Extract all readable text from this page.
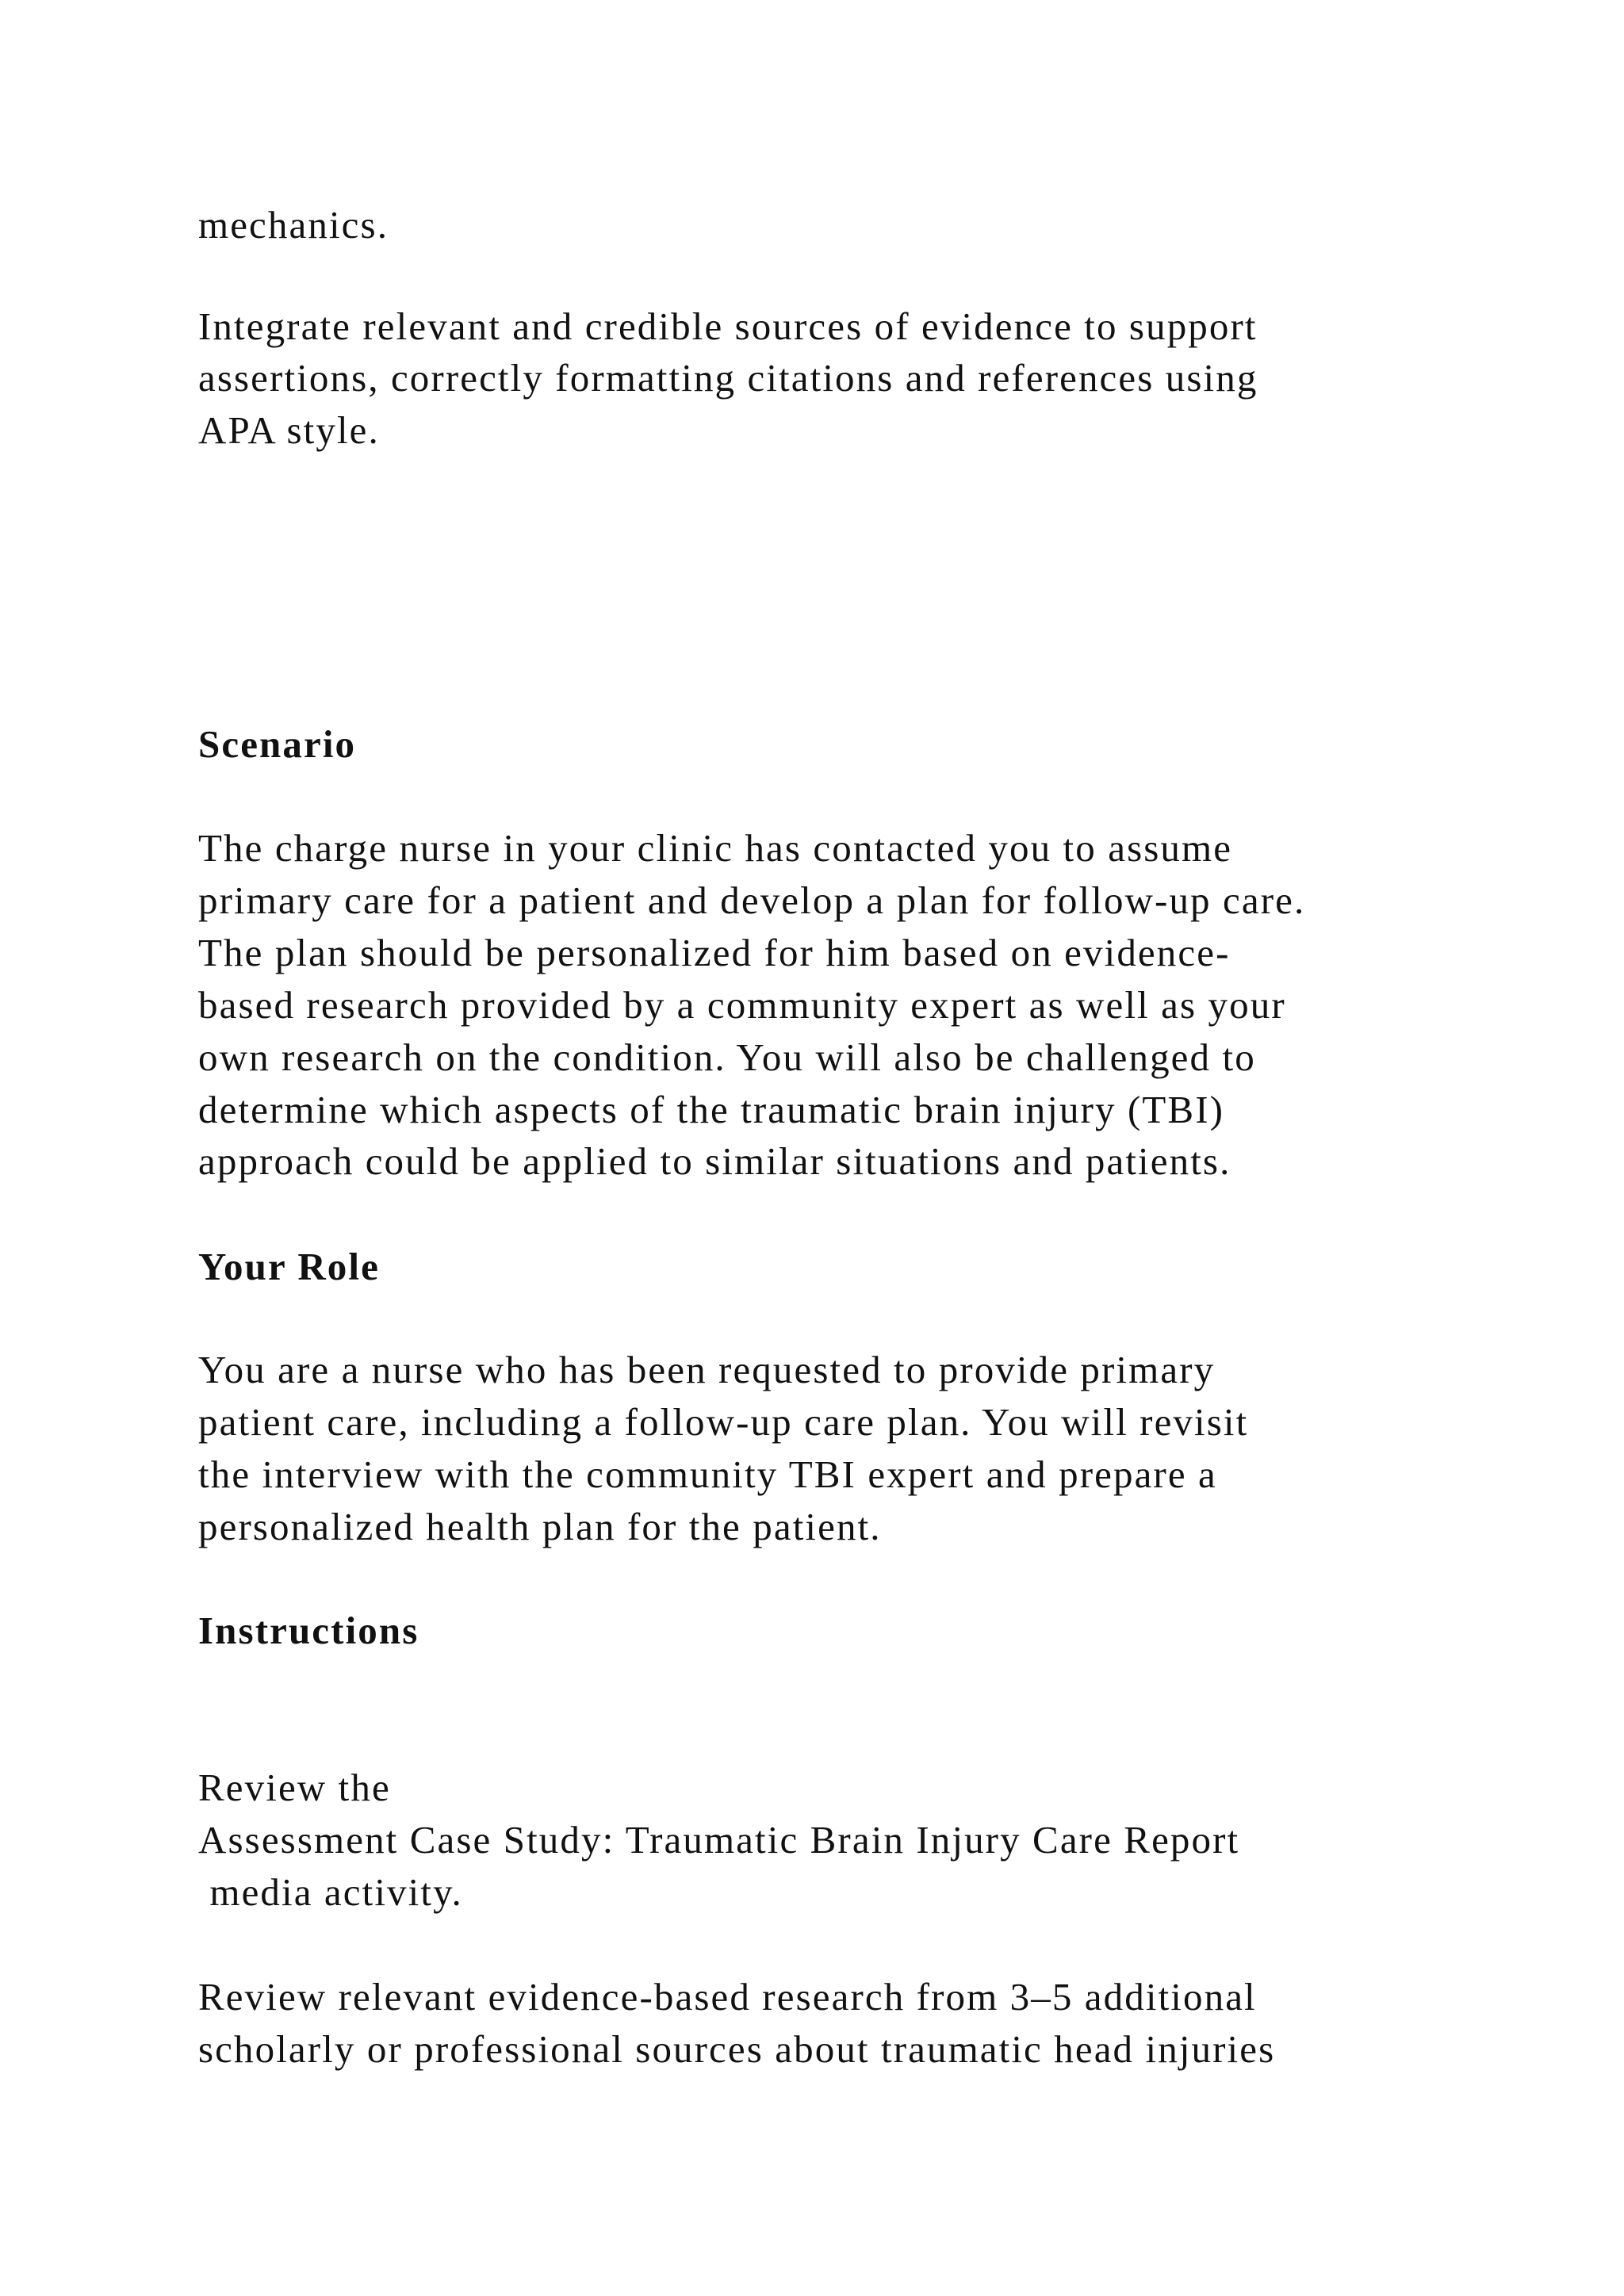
mechanics.

Integrate relevant and credible sources of evidence to support

assertions, correctly formatting citations and references using

APA style.

Scenario

The charge nurse in your clinic has contacted you to assume

primary care for a patient and develop a plan for follow-up care.

The plan should be personalized for him based on evidence-

based research provided by a community expert as well as your

own research on the condition. You will also be challenged to

determine which aspects of the traumatic brain injury (TBI)

approach could be applied to similar situations and patients.

Your Role

You are a nurse who has been requested to provide primary

patient care, including a follow-up care plan. You will revisit

the interview with the community TBI expert and prepare a

personalized health plan for the patient.

Instructions

Review the

Assessment Case Study: Traumatic Brain Injury Care Report

media activity.

Review relevant evidence-based research from 3–5 additional

scholarly or professional sources about traumatic head injuries
